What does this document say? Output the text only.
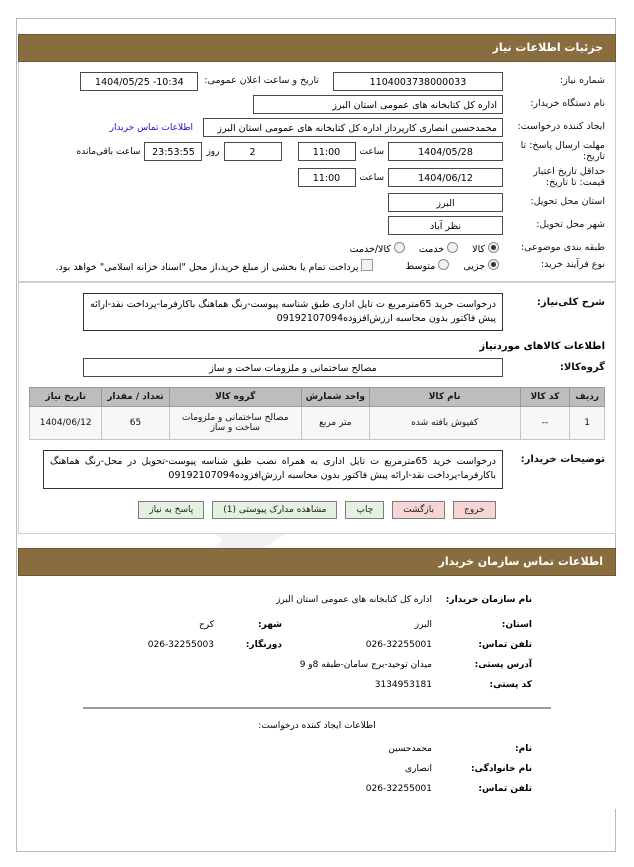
جزئیات اطلاعات نیاز
شماره نیاز:
1104003738000033
تاریخ و ساعت اعلان عمومی:
1404/05/25 -10:34
نام دستگاه خریدار:
اداره کل کتابخانه های عمومی استان البرز
ایجاد کننده درخواست:
محمدحسین انصاری کارپرداز اداره کل کتابخانه های عمومی استان البرز
اطلاعات تماس خریدار
مهلت ارسال پاسخ: تا تاریخ:
1404/05/28
ساعت
11:00
2
روز
23:53:55
ساعت باقی‌مانده
حداقل تاریخ اعتبار قیمت: تا تاریخ:
1404/06/12
ساعت
11:00
استان محل تحویل:
البرز
شهر محل تحویل:
نظر آباد
طبقه بندی موضوعی:
کالا
خدمت
کالا/خدمت
نوع فرآیند خرید:
جزیی
متوسط
پرداخت تمام یا بخشی از مبلغ خرید،از محل "اسناد خزانه اسلامی" خواهد بود.
شرح کلی‌نیاز:
درخواست خرید 65مترمربع ت تایل اداری طبق شناسه پیوست-رنگ هماهنگ باکارفرما-پرداخت نقد-ارائه پیش فاکتور بدون محاسبه ارزش‌افزوده09192107094
اطلاعات کالاهای موردنیاز
گروه‌کالا:
مصالح ساختمانی و ملزومات ساخت و ساز
ردیف	کد کالا	نام کالا	واحد شمارش	گروه کالا	تعداد / مقدار	تاریخ نیاز
1	--	کفپوش بافته شده	متر مربع	مصالح ساختمانی و ملزومات ساخت و ساز	65	1404/06/12
توضیحات خریدار:
درخواست خرید 65مترمربع ت تایل اداری به همراه نصب طبق شناسه پیوست-تحویل در محل-رنگ هماهنگ باکارفرما-پرداخت نقد-ارائه پیش فاکتور بدون محاسبه ارزش‌افزوده09192107094
خروج
بازگشت
چاپ
مشاهده مدارک پیوستی (1)
پاسخ به نیاز
اطلاعات تماس سازمان خریدار
نام سازمان خریدار:
اداره کل کتابخانه های عمومی استان البرز
استان:
البرز
شهر:
کرج
تلفن تماس:
026-32255001
دورنگار:
026-32255003
آدرس پستی:
میدان توحید-برج سامان-طبقه 8و 9
کد پستی:
3134953181
اطلاعات ایجاد کننده درخواست:
نام:
محمدحسین
نام خانوادگی:
انصاری
تلفن تماس:
026-32255001
